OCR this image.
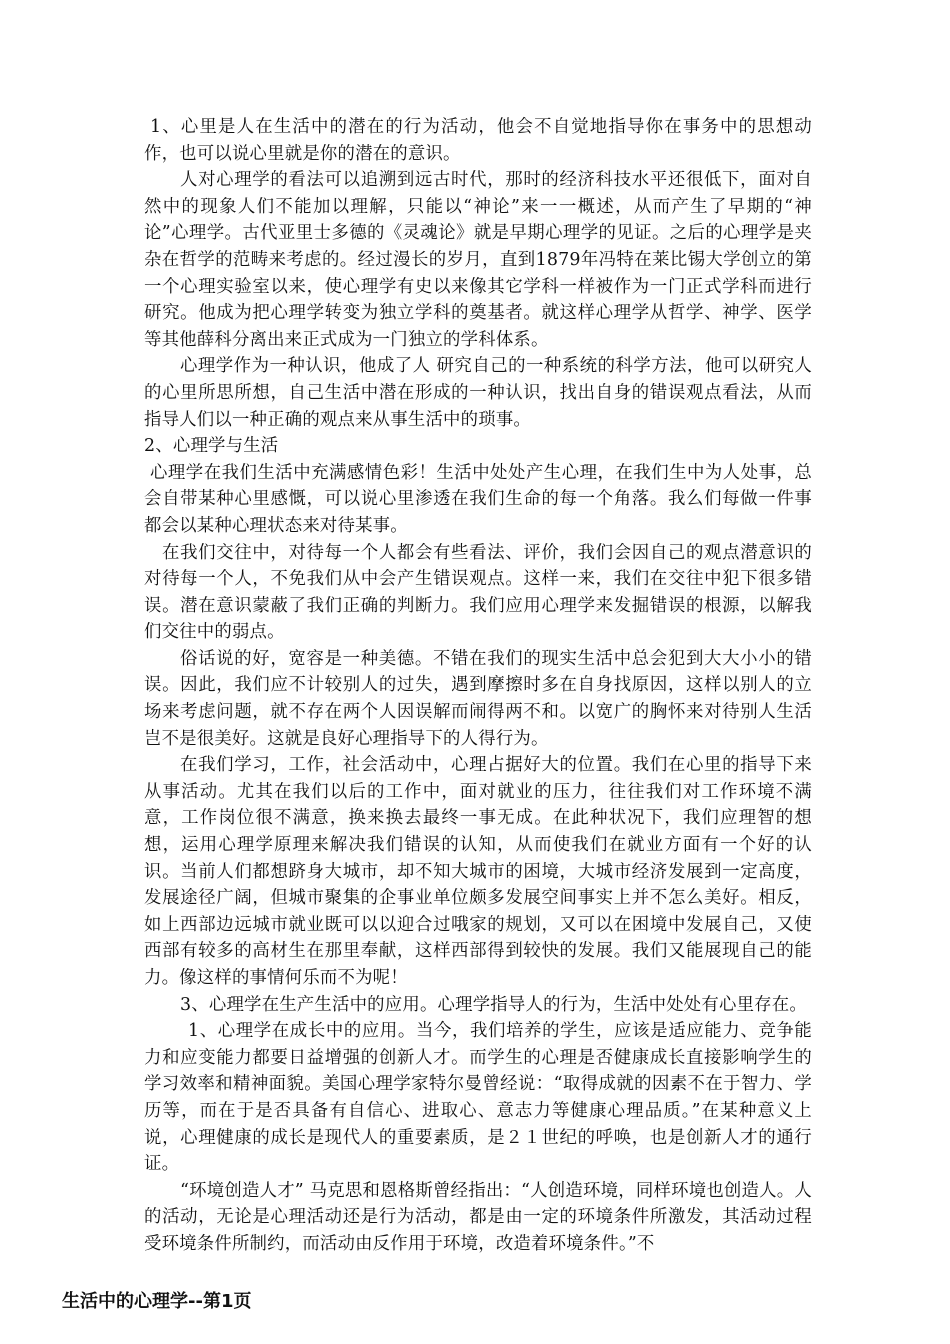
1、心里是人在生活中的潜在的行为活动，他会不自觉地指导你在事务中的思想动作，也可以说心里就是你的潜在的意识。

人对心理学的看法可以追溯到远古时代，那时的经济科技水平还很低下，面对自然中的现象人们不能加以理解，只能以“神论”来一一概述，从而产生了早期的“神论”心理学。古代亚里士多德的《灵魂论》就是早期心理学的见证。之后的心理学是夹杂在哲学的范畴来考虑的。经过漫长的岁月，直到1879年冯特在莱比锡大学创立的第一个心理实验室以来，使心理学有史以来像其它学科一样被作为一门正式学科而进行研究。他成为把心理学转变为独立学科的奠基者。就这样心理学从哲学、神学、医学等其他薛科分离出来正式成为一门独立的学科体系。

心理学作为一种认识，他成了人 研究自己的一种系统的科学方法，他可以研究人的心里所思所想，自己生活中潜在形成的一种认识，找出自身的错误观点看法，从而指导人们以一种正确的观点来从事生活中的琐事。

2、心理学与生活

心理学在我们生活中充满感情色彩！生活中处处产生心理，在我们生中为人处事，总会自带某种心里感慨，可以说心里渗透在我们生命的每一个角落。我么们每做一件事都会以某种心理状态来对待某事。

在我们交往中，对待每一个人都会有些看法、评价，我们会因自己的观点潜意识的对待每一个人，不免我们从中会产生错误观点。这样一来，我们在交往中犯下很多错误。潜在意识蒙蔽了我们正确的判断力。我们应用心理学来发掘错误的根源，以解我们交往中的弱点。

俗话说的好，宽容是一种美德。不错在我们的现实生活中总会犯到大大小小的错误。因此，我们应不计较别人的过失，遇到摩擦时多在自身找原因，这样以别人的立场来考虑问题，就不存在两个人因误解而闹得两不和。以宽广的胸怀来对待别人生活岂不是很美好。这就是良好心理指导下的人得行为。

在我们学习，工作，社会活动中，心理占据好大的位置。我们在心里的指导下来从事活动。尤其在我们以后的工作中，面对就业的压力，往往我们对工作环境不满意，工作岗位很不满意，换来换去最终一事无成。在此种状况下，我们应理智的想想，运用心理学原理来解决我们错误的认知，从而使我们在就业方面有一个好的认识。当前人们都想跻身大城市，却不知大城市的困境，大城市经济发展到一定高度，发展途径广阔，但城市聚集的企事业单位颇多发展空间事实上并不怎么美好。相反，如上西部边远城市就业既可以以迎合过哦家的规划，又可以在困境中发展自己，又使西部有较多的高材生在那里奉献，这样西部得到较快的发展。我们又能展现自己的能力。像这样的事情何乐而不为呢！

3、心理学在生产生活中的应用。心理学指导人的行为，生活中处处有心里存在。

1、心理学在成长中的应用。当今，我们培养的学生，应该是适应能力、竞争能力和应变能力都要日益增强的创新人才。而学生的心理是否健康成长直接影响学生的学习效率和精神面貌。美国心理学家特尔曼曾经说：“取得成就的因素不在于智力、学历等，而在于是否具备有自信心、进取心、意志力等健康心理品质。”在某种意义上说，心理健康的成长是现代人的重要素质，是２１世纪的呼唤，也是创新人才的通行证。

“环境创造人才” 马克思和恩格斯曾经指出：“人创造环境，同样环境也创造人。人的活动，无论是心理活动还是行为活动，都是由一定的环境条件所激发，其活动过程受环境条件所制约，而活动由反作用于环境，改造着环境条件。”不

生活中的心理学--第1页
